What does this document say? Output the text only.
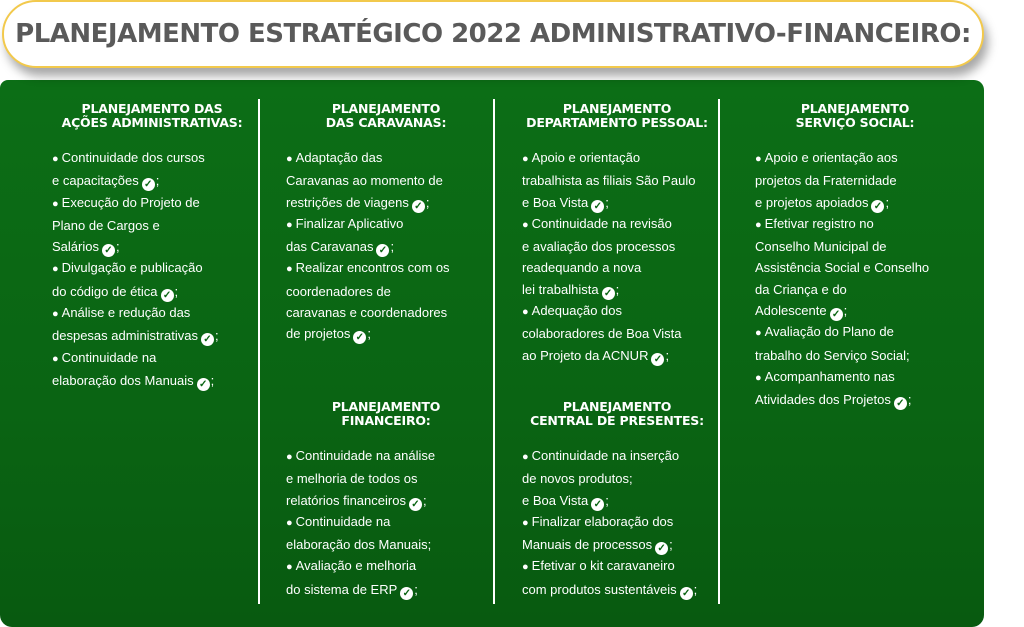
PLANEJAMENTO ESTRATÉGICO 2022 ADMINISTRATIVO-FINANCEIRO:
PLANEJAMENTO DAS
AÇÕES ADMINISTRATIVAS:
● Continuidade dos cursos
e capacitações ✓ ;
● Execução do Projeto de
Plano de Cargos e
Salários ✓ ;
● Divulgação e publicação
do código de ética ✓ ;
● Análise e redução das
despesas administrativas ✓ ;
● Continuidade na
elaboração dos Manuais ✓ ;
PLANEJAMENTO
DAS CARAVANAS:
● Adaptação das
Caravanas ao momento de
restrições de viagens ✓ ;
● Finalizar Aplicativo
das Caravanas ✓ ;
● Realizar encontros com os
coordenadores de
caravanas e coordenadores
de projetos ✓ ;
PLANEJAMENTO
FINANCEIRO:
● Continuidade na análise
e melhoria de todos os
relatórios financeiros ✓ ;
● Continuidade na
elaboração dos Manuais;
● Avaliação e melhoria
do sistema de ERP ✓ ;
PLANEJAMENTO
DEPARTAMENTO PESSOAL:
● Apoio e orientação
trabalhista as filiais São Paulo
e Boa Vista ✓ ;
● Continuidade na revisão
e avaliação dos processos
readequando a nova
lei trabalhista ✓ ;
● Adequação dos
colaboradores de Boa Vista
ao Projeto da ACNUR ✓ ;
PLANEJAMENTO
CENTRAL DE PRESENTES:
● Continuidade na inserção
de novos produtos;
e Boa Vista ✓ ;
● Finalizar elaboração dos
Manuais de processos ✓ ;
● Efetivar o kit caravaneiro
com produtos sustentáveis ✓ ;
PLANEJAMENTO
SERVIÇO SOCIAL:
● Apoio e orientação aos
projetos da Fraternidade
e projetos apoiados ✓ ;
● Efetivar registro no
Conselho Municipal de
Assistência Social e Conselho
da Criança e do
Adolescente ✓ ;
● Avaliação do Plano de
trabalho do Serviço Social;
● Acompanhamento nas
Atividades dos Projetos ✓ ;
